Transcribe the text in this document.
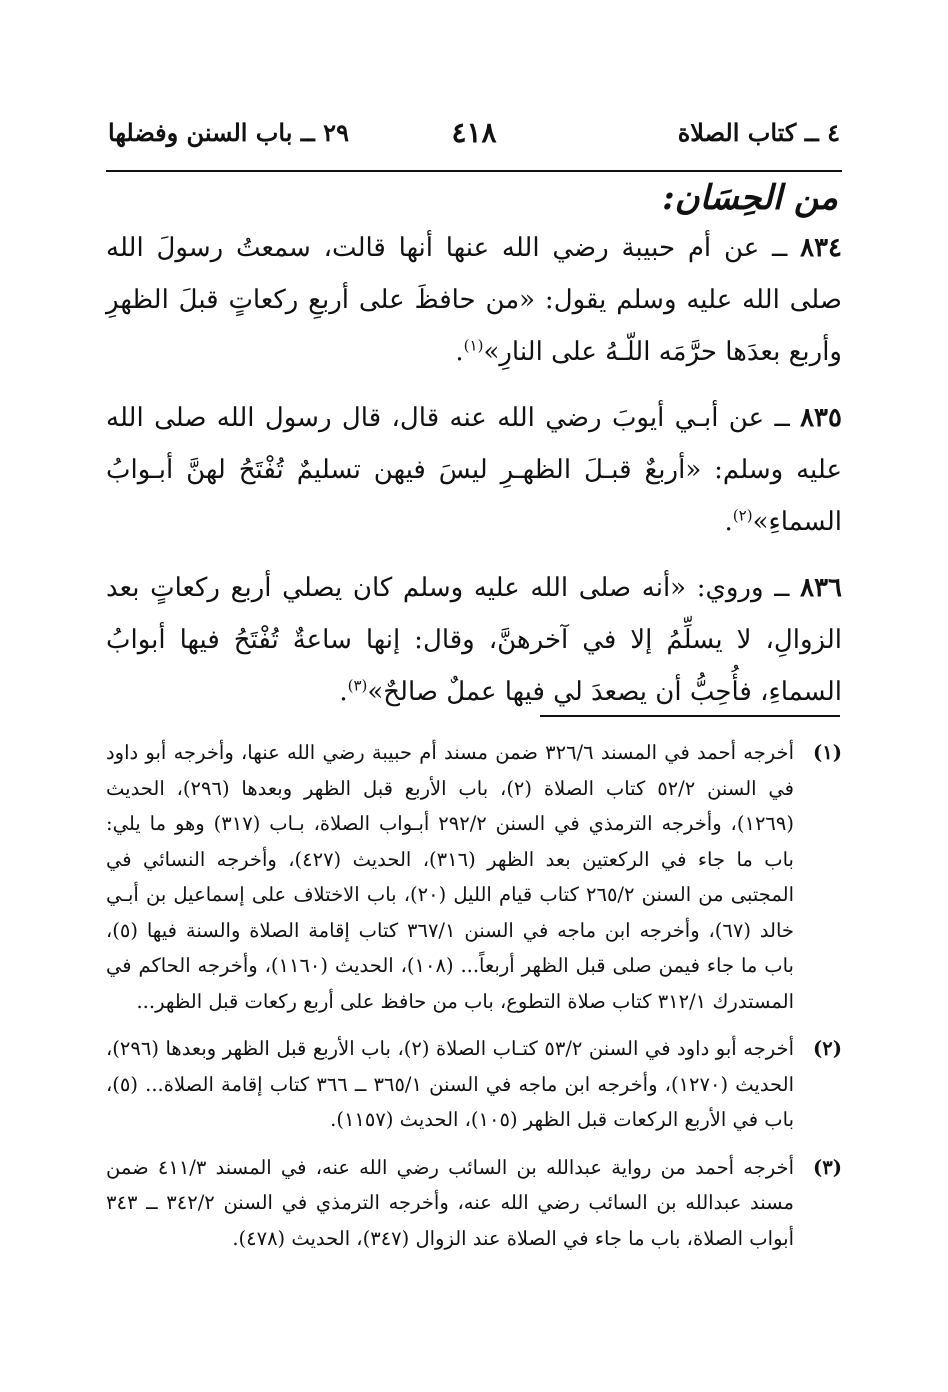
٤ ــ كتاب الصلاة
٤١٨
٢٩ ــ باب السنن وفضلها
من الحِسَان:

٨٣٤ ــ عن أم حبيبة رضي الله عنها أنها قالت، سمعتُ رسولَ الله صلى الله عليه وسلم يقول: «من حافظَ على أربعِ ركعاتٍ قبلَ الظهرِ وأربع بعدَها حرَّمَه اللّـهُ على النارِ»$^{(١)}$.

٨٣٥ ــ عن أبـي أيوبَ رضي الله عنه قال، قال رسول الله صلى الله عليه وسلم: «أربعٌ قبـلَ الظهـرِ ليسَ فيهن تسليمٌ تُفْتَحُ لهنَّ أبـوابُ السماءِ»$^{(٢)}$.

٨٣٦ ــ وروي: «أنه صلى الله عليه وسلم كان يصلي أربع ركعاتٍ بعد الزوالِ، لا يسلِّمُ إلا في آخرهنَّ، وقال: إنها ساعةٌ تُفْتَحُ فيها أبوابُ السماءِ، فأُحِبُّ أن يصعدَ لي فيها عملٌ صالحٌ»$^{(٣)}$.

(١)
أخرجه أحمد في المسند ٣٢٦/٦ ضمن مسند أم حبيبة رضي الله عنها، وأخرجه أبو داود في السنن ٥٢/٢ كتاب الصلاة (٢)، باب الأربع قبل الظهر وبعدها (٢٩٦)، الحديث (١٢٦٩)، وأخرجه الترمذي في السنن ٢٩٢/٢ أبـواب الصلاة، بـاب (٣١٧) وهو ما يلي: باب ما جاء في الركعتين بعد الظهر (٣١٦)، الحديث (٤٢٧)، وأخرجه النسائي في المجتبى من السنن ٢٦٥/٢ كتاب قيام الليل (٢٠)، باب الاختلاف على إسماعيل بن أبـي خالد (٦٧)، وأخرجه ابن ماجه في السنن ٣٦٧/١ كتاب إقامة الصلاة والسنة فيها (٥)، باب ما جاء فيمن صلى قبل الظهر أربعاً... (١٠٨)، الحديث (١١٦٠)، وأخرجه الحاكم في المستدرك ٣١٢/١ كتاب صلاة التطوع، باب من حافظ على أربع ركعات قبل الظهر...
(٢)
أخرجه أبو داود في السنن ٥٣/٢ كتـاب الصلاة (٢)، باب الأربع قبل الظهر وبعدها (٢٩٦)، الحديث (١٢٧٠)، وأخرجه ابن ماجه في السنن ٣٦٥/١ ــ ٣٦٦ كتاب إقامة الصلاة... (٥)، باب في الأربع الركعات قبل الظهر (١٠٥)، الحديث (١١٥٧).
(٣)
أخرجه أحمد من رواية عبدالله بن السائب رضي الله عنه، في المسند ٤١١/٣ ضمن مسند عبدالله بن السائب رضي الله عنه، وأخرجه الترمذي في السنن ٣٤٢/٢ ــ ٣٤٣ أبواب الصلاة، باب ما جاء في الصلاة عند الزوال (٣٤٧)، الحديث (٤٧٨).
